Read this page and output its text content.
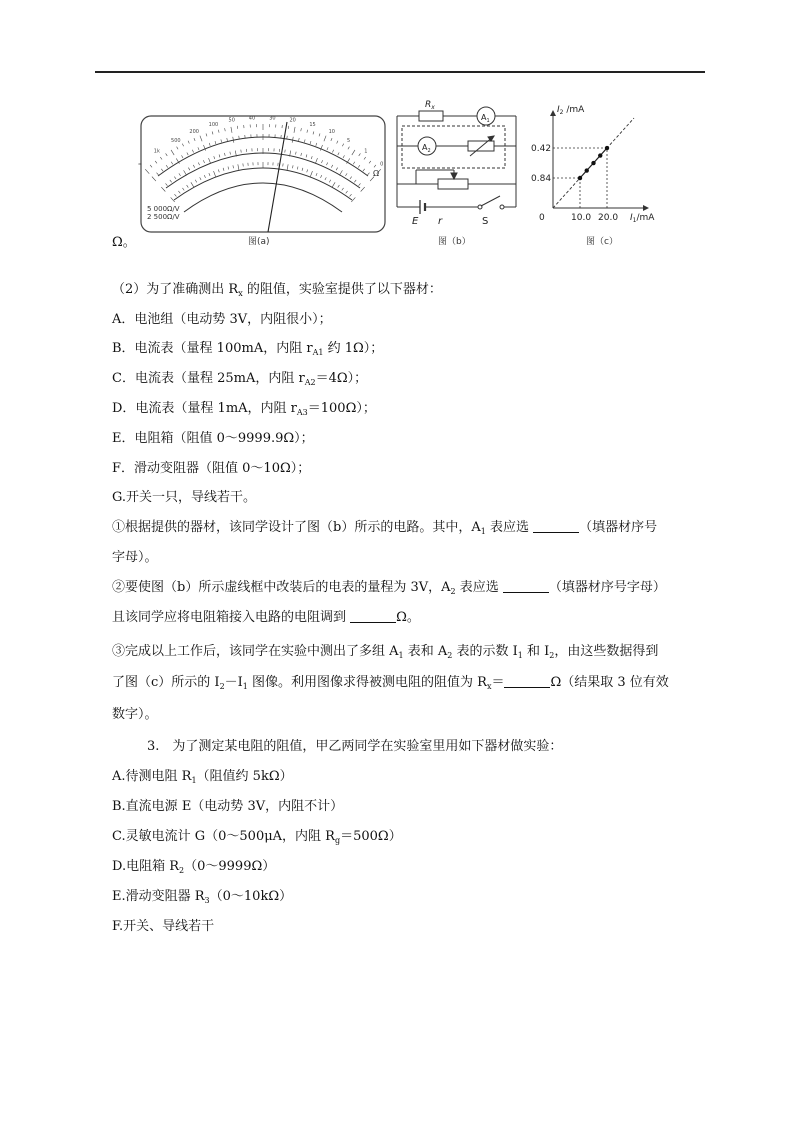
∞
1k
500
200
100
50	40	30	20
15
10
5
1
0
5 000Ω/V
2 500Ω/V
Ω
图(a)
$R_x$
$A_1$
$A_2$
E r	S
图（b）
0.84
0.42
10.0 20.0
0
$I_2$ /mA
$I_1/mA$
图（c）
Ω。
（2）为了准确测出 $R_x$ 的阻值，实验室提供了以下器材：
A．电池组（电动势 3V，内阻很小）；
B．电流表（量程 100mA，内阻 $r_{A1}$ 约 1Ω）；
C．电流表（量程 25mA，内阻 $r_{A2}=4\Omega$）；
D．电流表（量程 1mA，内阻 $r_{A3}=100\Omega$）；
E．电阻箱（阻值 0～9999.9Ω）；
F．滑动变阻器（阻值 0～10Ω）；
G.开关一只，导线若干。
①根据提供的器材，该同学设计了图（b）所示的电路。其中，$A_1$ 表应选	（填器材序号
字母）。
②要使图（b）所示虚线框中改装后的电表的量程为 3V，$A_2$ 表应选	（填器材序号字母）
且该同学应将电阻箱接入电路的电阻调到	Ω。
③完成以上工作后，该同学在实验中测出了多组 $A_1$ 表和 $A_2$ 表的示数 $I_1$ 和 $I_2$，由这些数据得到
了图（c）所示的 $I_2-I_1$ 图像。利用图像求得被测电阻的阻值为 $R_x=$	Ω（结果取 3 位有效
数字）。
3.　为了测定某电阻的阻值，甲乙两同学在实验室里用如下器材做实验：
A.待测电阻 $R_1$（阻值约 5kΩ）
B.直流电源 E（电动势 3V，内阻不计）
C.灵敏电流计 G（0～500μA，内阻 $R_g=500\Omega$）
D.电阻箱 $R_2(0\sim 9999\Omega)$
E.滑动变阻器 $R_3(0\sim 10k\Omega)$
F.开关、导线若干
